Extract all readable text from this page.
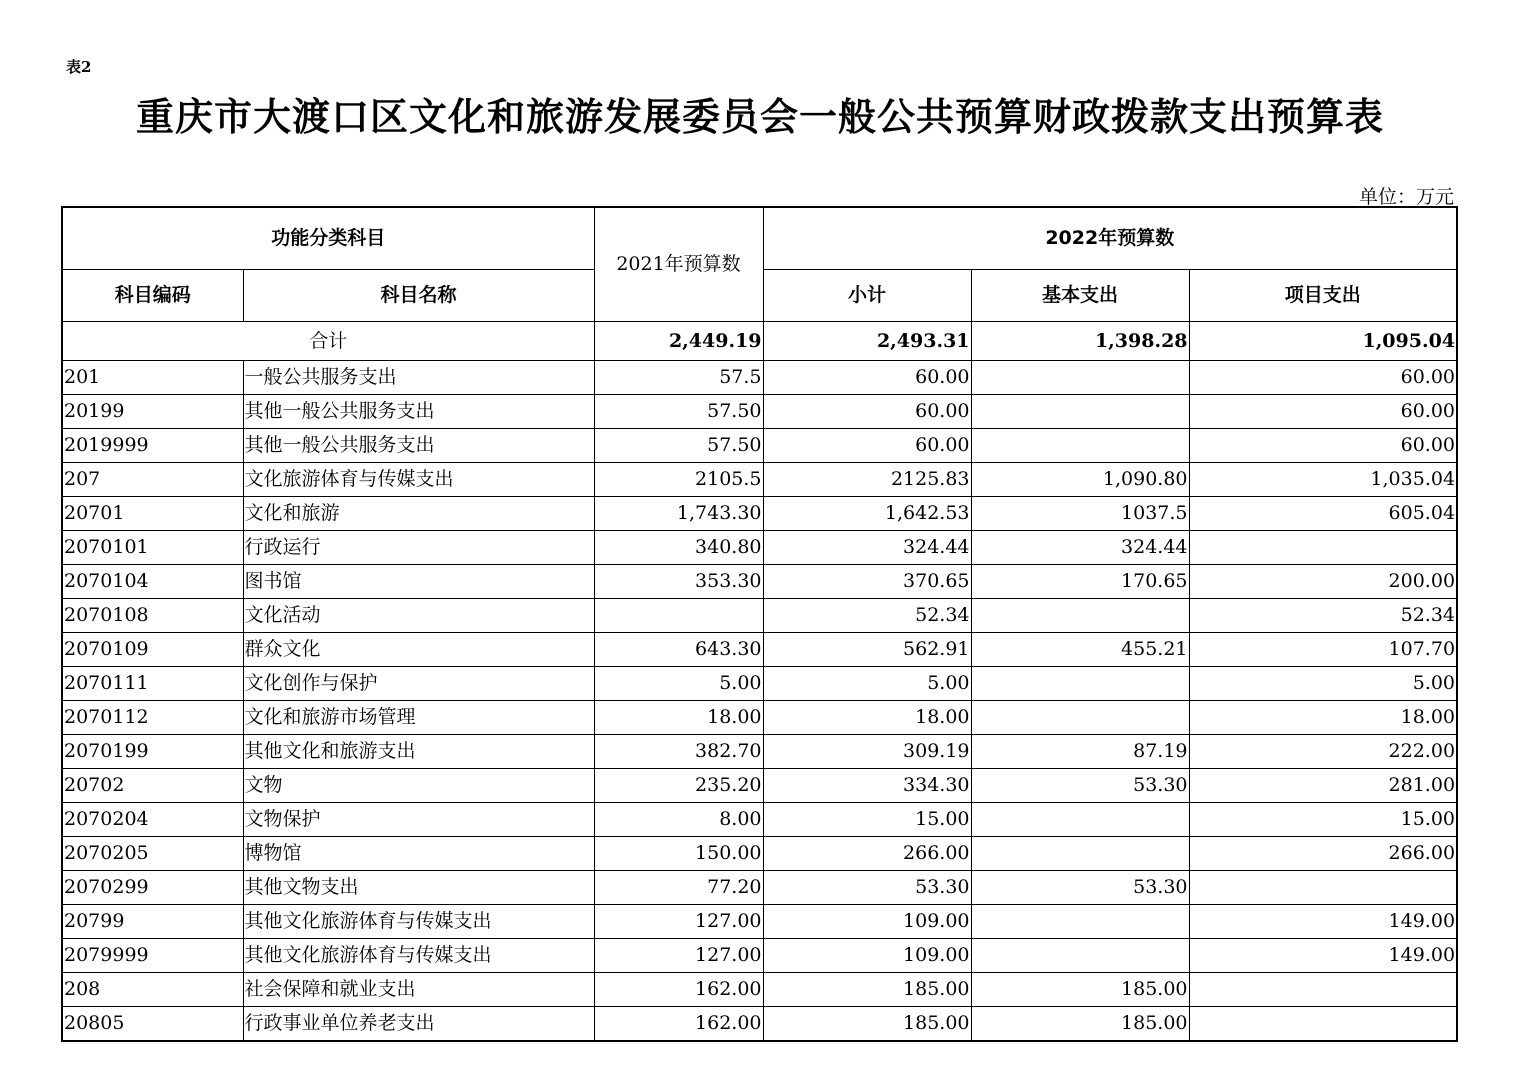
表2
重庆市大渡口区文化和旅游发展委员会一般公共预算财政拨款支出预算表
单位：万元
功能分类科目		2021年预算数	2022年预算数		
科目编码	科目名称		小计	基本支出	项目支出
合计		2,449.19	2,493.31	1,398.28	1,095.04
201	一般公共服务支出	57.5	60.00		60.00
20199	其他一般公共服务支出	57.50	60.00		60.00
2019999	其他一般公共服务支出	57.50	60.00		60.00
207	文化旅游体育与传媒支出	2105.5	2125.83	1,090.80	1,035.04
20701	文化和旅游	1,743.30	1,642.53	1037.5	605.04
2070101	行政运行	340.80	324.44	324.44	
2070104	图书馆	353.30	370.65	170.65	200.00
2070108	文化活动		52.34		52.34
2070109	群众文化	643.30	562.91	455.21	107.70
2070111	文化创作与保护	5.00	5.00		5.00
2070112	文化和旅游市场管理	18.00	18.00		18.00
2070199	其他文化和旅游支出	382.70	309.19	87.19	222.00
20702	文物	235.20	334.30	53.30	281.00
2070204	文物保护	8.00	15.00		15.00
2070205	博物馆	150.00	266.00		266.00
2070299	其他文物支出	77.20	53.30	53.30	
20799	其他文化旅游体育与传媒支出	127.00	109.00		149.00
2079999	其他文化旅游体育与传媒支出	127.00	109.00		149.00
208	社会保障和就业支出	162.00	185.00	185.00	
20805	行政事业单位养老支出	162.00	185.00	185.00	
